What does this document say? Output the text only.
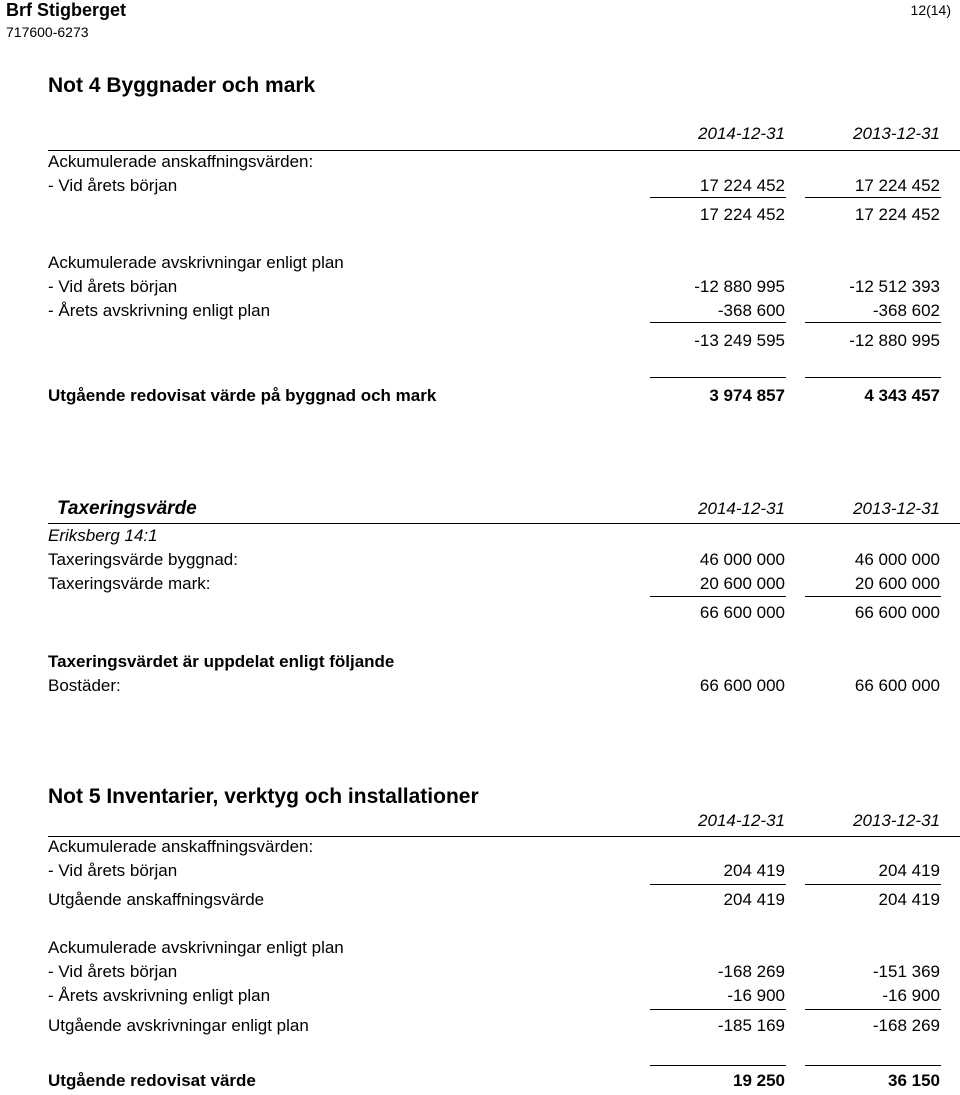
Brf Stigberget
717600-6273
12(14)
Not 4 Byggnader och mark
2014-12-31	2013-12-31
Ackumulerade anskaffningsvärden:
- Vid årets början	17 224 452	17 224 452
17 224 452	17 224 452
Ackumulerade avskrivningar enligt plan
- Vid årets början	-12 880 995	-12 512 393
- Årets avskrivning enligt plan	-368 600	-368 602
-13 249 595	-12 880 995
Utgående redovisat värde på byggnad och mark	3 974 857	4 343 457
Taxeringsvärde	2014-12-31	2013-12-31
Eriksberg 14:1
Taxeringsvärde byggnad:	46 000 000	46 000 000
Taxeringsvärde mark:	20 600 000	20 600 000
66 600 000	66 600 000
Taxeringsvärdet är uppdelat enligt följande
Bostäder:	66 600 000	66 600 000
Not 5 Inventarier, verktyg och installationer
2014-12-31	2013-12-31
Ackumulerade anskaffningsvärden:
- Vid årets början	204 419	204 419
Utgående anskaffningsvärde	204 419	204 419
Ackumulerade avskrivningar enligt plan
- Vid årets början	-168 269	-151 369
- Årets avskrivning enligt plan	-16 900	-16 900
Utgående avskrivningar enligt plan	-185 169	-168 269
Utgående redovisat värde	19 250	36 150
